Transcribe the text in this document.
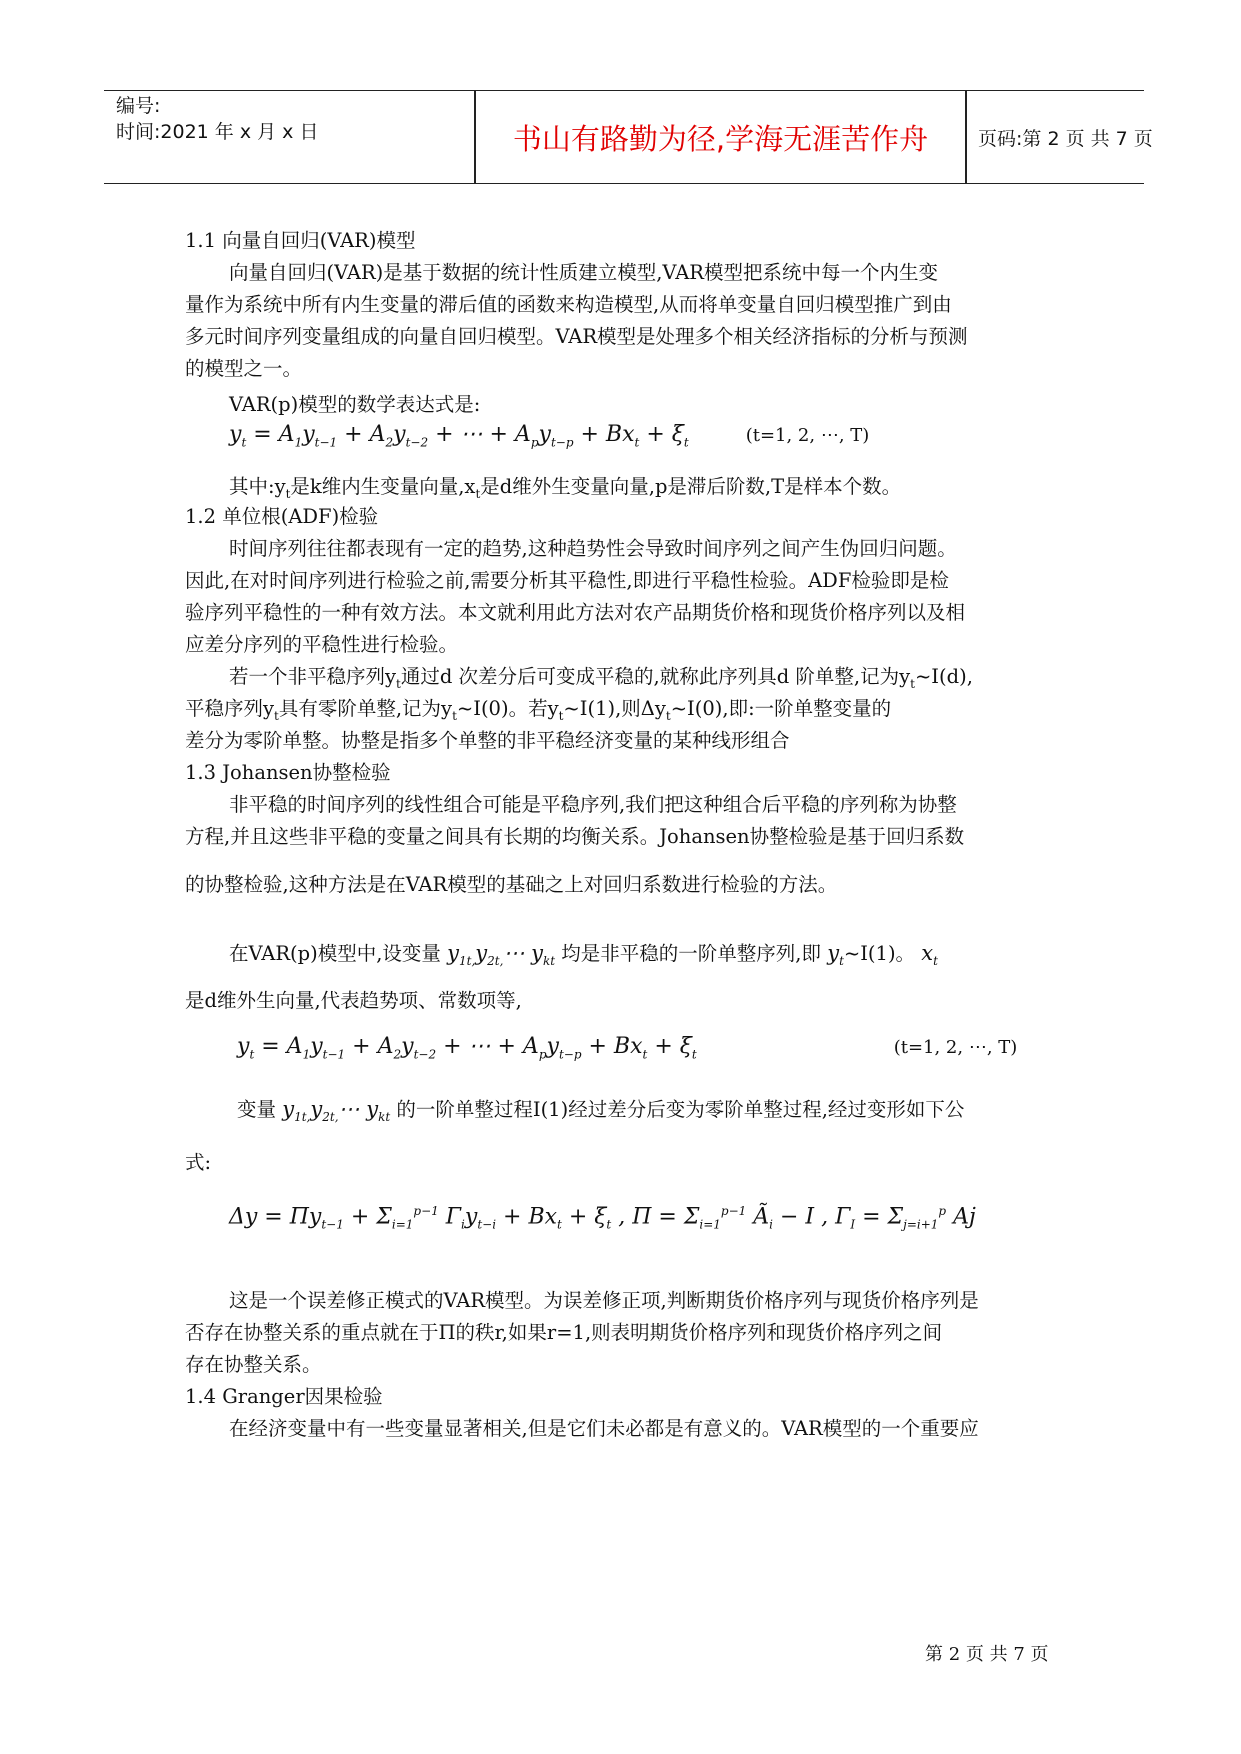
编号:
时间:2021 年 x 月 x 日	书山有路勤为径,学海无涯苦作舟	页码:第 2 页 共 7 页
1.1 向量自回归(VAR)模型
向量自回归(VAR)是基于数据的统计性质建立模型,VAR模型把系统中每一个内生变
量作为系统中所有内生变量的滞后值的函数来构造模型,从而将单变量自回归模型推广到由
多元时间序列变量组成的向量自回归模型。VAR模型是处理多个相关经济指标的分析与预测
的模型之一。
VAR(p)模型的数学表达式是:
$y_t = A_1y_{t-1} + A_2y_{t-2}$ + ⋯ + $A_py_{t-p} + Bx_t + \xi_t$	(t=1, 2, ⋯, T)
其中$:y_t$是k维内生变量向量$,x_t$是d维外生变量向量,p是滞后阶数,T是样本个数。
1.2 单位根(ADF)检验
时间序列往往都表现有一定的趋势,这种趋势性会导致时间序列之间产生伪回归问题。
因此,在对时间序列进行检验之前,需要分析其平稳性,即进行平稳性检验。ADF检验即是检
验序列平稳性的一种有效方法。本文就利用此方法对农产品期货价格和现货价格序列以及相
应差分序列的平稳性进行检验。
若一个非平稳序列$y_t$通过d 次差分后可变成平稳的,就称此序列具d 阶单整,记为$y_t\sim I(d)$,
平稳序列$y_t$具有零阶单整,记为$y_t\sim I(0)$。若$y_t\sim I(1)$,则$\Delta y_t\sim I(0)$,即:一阶单整变量的
差分为零阶单整。协整是指多个单整的非平稳经济变量的某种线形组合
1.3 Johansen协整检验
非平稳的时间序列的线性组合可能是平稳序列,我们把这种组合后平稳的序列称为协整
方程,并且这些非平稳的变量之间具有长期的均衡关系。Johansen协整检验是基于回归系数
的协整检验,这种方法是在VAR模型的基础之上对回归系数进行检验的方法。
在VAR(p)模型中,设变量 $y_{1t,}y_{2t,}\cdots$ $y_{kt}$ 均是非平稳的一阶单整序列,即 $y_t\sim I(1)$。 $x_t$
是d维外生向量,代表趋势项、常数项等,
$y_t = A_1y_{t-1} + A_2y_{t-2}$ + ⋯ + $A_py_{t-p} + Bx_t + \xi_t$	(t=1, 2, ⋯, T)
变量 $y_{1t,}y_{2t,}\cdots$ $y_{kt}$ 的一阶单整过程I(1)经过差分后变为零阶单整过程,经过变形如下公
式:
$\Delta y = \Pi y_{t-1} + \Sigma_{i=1}^{p-1}$ $\Gamma_iy_{t-i} + Bx_t + \xi_t$ , $\Pi = \Sigma_{i=1}^{p-1}$ $Ã_i - I$ , $\Gamma_I = \Sigma_{j=i+1}^p$ Aj
这是一个误差修正模式的VAR模型。为误差修正项,判断期货价格序列与现货价格序列是
否存在协整关系的重点就在于Π的秩r,如果r=1,则表明期货价格序列和现货价格序列之间
存在协整关系。
1.4 Granger因果检验
在经济变量中有一些变量显著相关,但是它们未必都是有意义的。VAR模型的一个重要应
第 2 页 共 7 页
